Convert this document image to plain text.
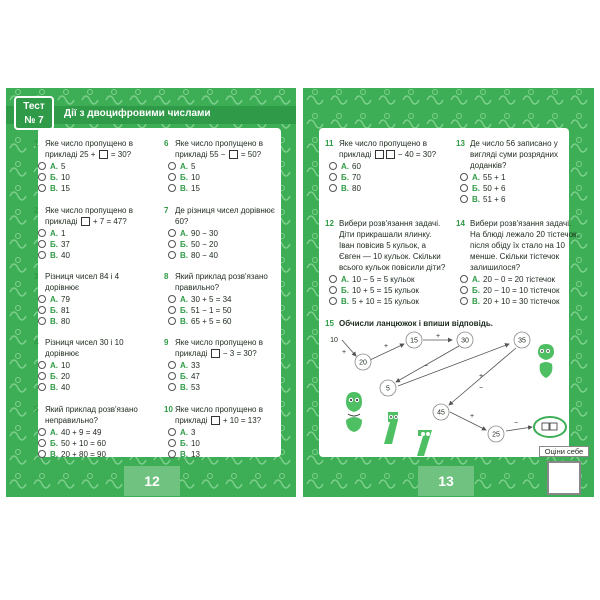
Тест
№ 7
Дії з двоцифровими числами
12	13
1 Яке число пропущено в прикладі 25 + = 30?
А. 5
Б. 10
В. 15
2 Яке число пропущено в прикладі + 7 = 47?
А. 1
Б. 37
В. 40
3 Різниця чисел 84 і 4 дорівнює
А. 79
Б. 81
В. 80
4 Різниця чисел 30 і 10 дорівнює
А. 10
Б. 20
В. 40
5 Який приклад розв'язано неправильно?
А. 40 + 9 = 49
Б. 50 + 10 = 60
В. 20 + 80 = 90
6 Яке число пропущено в прикладі 55 − = 50?
А. 5
Б. 10
В. 15
7 Де різниця чисел дорівнює 60?
А. 90 − 30
Б. 50 − 20
В. 80 − 40
8 Який приклад розв'язано правильно?
А. 30 + 5 = 34
Б. 51 − 1 = 50
В. 65 + 5 = 60
9 Яке число пропущено в прикладі − 3 = 30?
А. 33
Б. 47
В. 53
10 Яке число пропущено в прикладі + 10 = 13?
А. 3
Б. 10
В. 13
11 Яке число пропущено в прикладі	− 40 = 30?
А. 60
Б. 70
В. 80
12 Вибери розв'язання задачі.
Діти прикрашали ялинку. Іван повісив 5 кульок, а Євген — 10 кульок. Скільки всього кульок повісили діти?
А. 10 − 5 = 5 кульок
Б. 10 + 5 = 15 кульок
В. 5 + 10 = 15 кульок
13 Де число 56 записано у вигляді суми розрядних доданків?
А. 55 + 1
Б. 50 + 6
В. 51 + 6
14 Вибери розв'язання задачі.
На блюді лежало 20 тістечок, після обіду їх стало на 10 менше. Скільки тістечок залишилося?
А. 20 − 0 = 20 тістечок
Б. 20 − 10 = 10 тістечок
В. 20 + 10 = 30 тістечок
15 Обчисли ланцюжок і впиши відповідь.
10
20
15	30
5
35
45
25
+
+
+
−
+
−
+
−
Оціни себе
